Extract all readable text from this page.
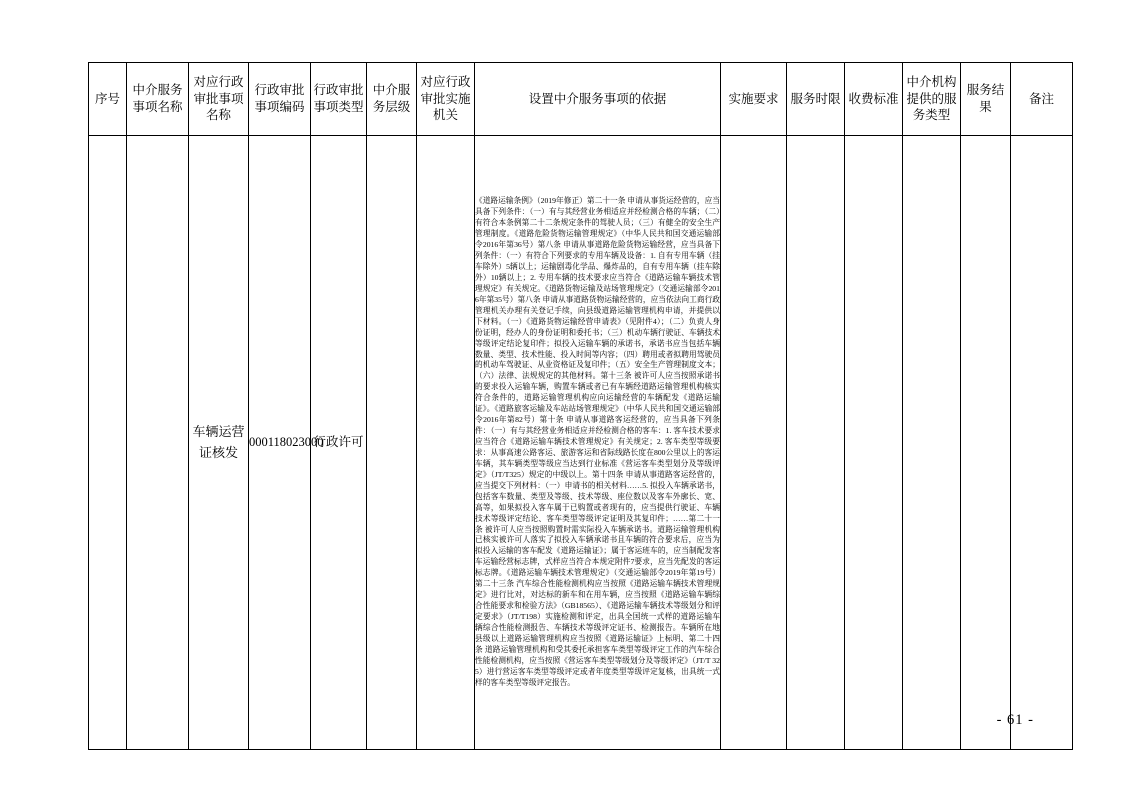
序号	中介服务事项名称	对应行政审批事项名称	行政审批事项编码	行政审批事项类型	中介服务层级	对应行政审批实施机关	设置中介服务事项的依据	实施要求	服务时限	收费标准	中介机构提供的服务类型	服务结果	备注

		车辆运营证核发	000118023000	行政许可			《道路运输条例》（2019年修正）第二十一条 申请从事货运经营的，应当具备下列条件：（一）有与其经营业务相适应并经检测合格的车辆；（二）有符合本条例第二十二条规定条件的驾驶人员；（三）有健全的安全生产管理制度。《道路危险货物运输管理规定》（中华人民共和国交通运输部令2016年第36号）第八条 申请从事道路危险货物运输经营，应当具备下列条件：（一）有符合下列要求的专用车辆及设备：1. 自有专用车辆（挂车除外）5辆以上；运输剧毒化学品、爆炸品的，自有专用车辆（挂车除外）10辆以上；2. 专用车辆的技术要求应当符合《道路运输车辆技术管理规定》有关规定。《道路货物运输及站场管理规定》（交通运输部令2016年第35号）第八条 申请从事道路货物运输经营的，应当依法向工商行政管理机关办理有关登记手续，向县级道路运输管理机构申请，并提供以下材料。（一）《道路货物运输经营申请表》（见附件4）；（二）负责人身份证明，经办人的身份证明和委托书；（三）机动车辆行驶证、车辆技术等级评定结论复印件；拟投入运输车辆的承诺书，承诺书应当包括车辆数量、类型、技术性能、投入时间等内容；（四）聘用或者拟聘用驾驶员的机动车驾驶证、从业资格证及复印件；（五）安全生产管理制度文本；（六）法律、法规规定的其他材料。第十三条 被许可人应当按照承诺书的要求投入运输车辆，购置车辆或者已有车辆经道路运输管理机构核实符合条件的，道路运输管理机构应向运输经营的车辆配发《道路运输证》。《道路旅客运输及车站站场管理规定》（中华人民共和国交通运输部令2016年第82号）第十条 申请从事道路客运经营的，应当具备下列条件：（一）有与其经营业务相适应并经检测合格的客车：1. 客车技术要求应当符合《道路运输车辆技术管理规定》有关规定；2. 客车类型等级要求：从事高速公路客运、旅游客运和省际线路长度在800公里以上的客运车辆，其车辆类型等级应当达到行业标准《营运客车类型划分及等级评定》（JT/T325）规定的中级以上。第十四条 申请从事道路客运经营的，应当提交下列材料：（一）申请书的相关材料……5. 拟投入车辆承诺书，包括客车数量、类型及等级、技术等级、座位数以及客车外廓长、宽、高等，如果拟投入客车属于已购置或者现有的，应当提供行驶证、车辆技术等级评定结论、客车类型等级评定证明及其复印件；……第二十一条 被许可人应当按照购置时需实际投入车辆承诺书。道路运输管理机构已核实被许可人落实了拟投入车辆承诺书且车辆的符合要求后，应当为拟投入运输的客车配发《道路运输证》；属于客运班车的，应当制配发客车运输经营标志牌，式样应当符合本规定附件7要求，应当先配发的客运标志牌。《道路运输车辆技术管理规定》（交通运输部令2019年第19号）第二十三条 汽车综合性能检测机构应当按照《道路运输车辆技术管理规定》进行比对，对达标的新车和在用车辆，应当按照《道路运输车辆综合性能要求和检验方法》（GB18565）、《道路运输车辆技术等级划分和评定要求》（JT/T198）实施检测和评定，出具全国统一式样的道路运输车辆综合性能检测报告、车辆技术等级评定证书、检测报告。车辆所在地县级以上道路运输管理机构应当按照《道路运输证》上标明、第二十四条 道路运输管理机构和受其委托承担客车类型等级评定工作的汽车综合性能检测机构，应当按照《营运客车类型等级划分及等级评定》（JT/T 325）进行营运客车类型等级评定或者年度类型等级评定复核，出具统一式样的客车类型等级评定报告。						

- 61 -
